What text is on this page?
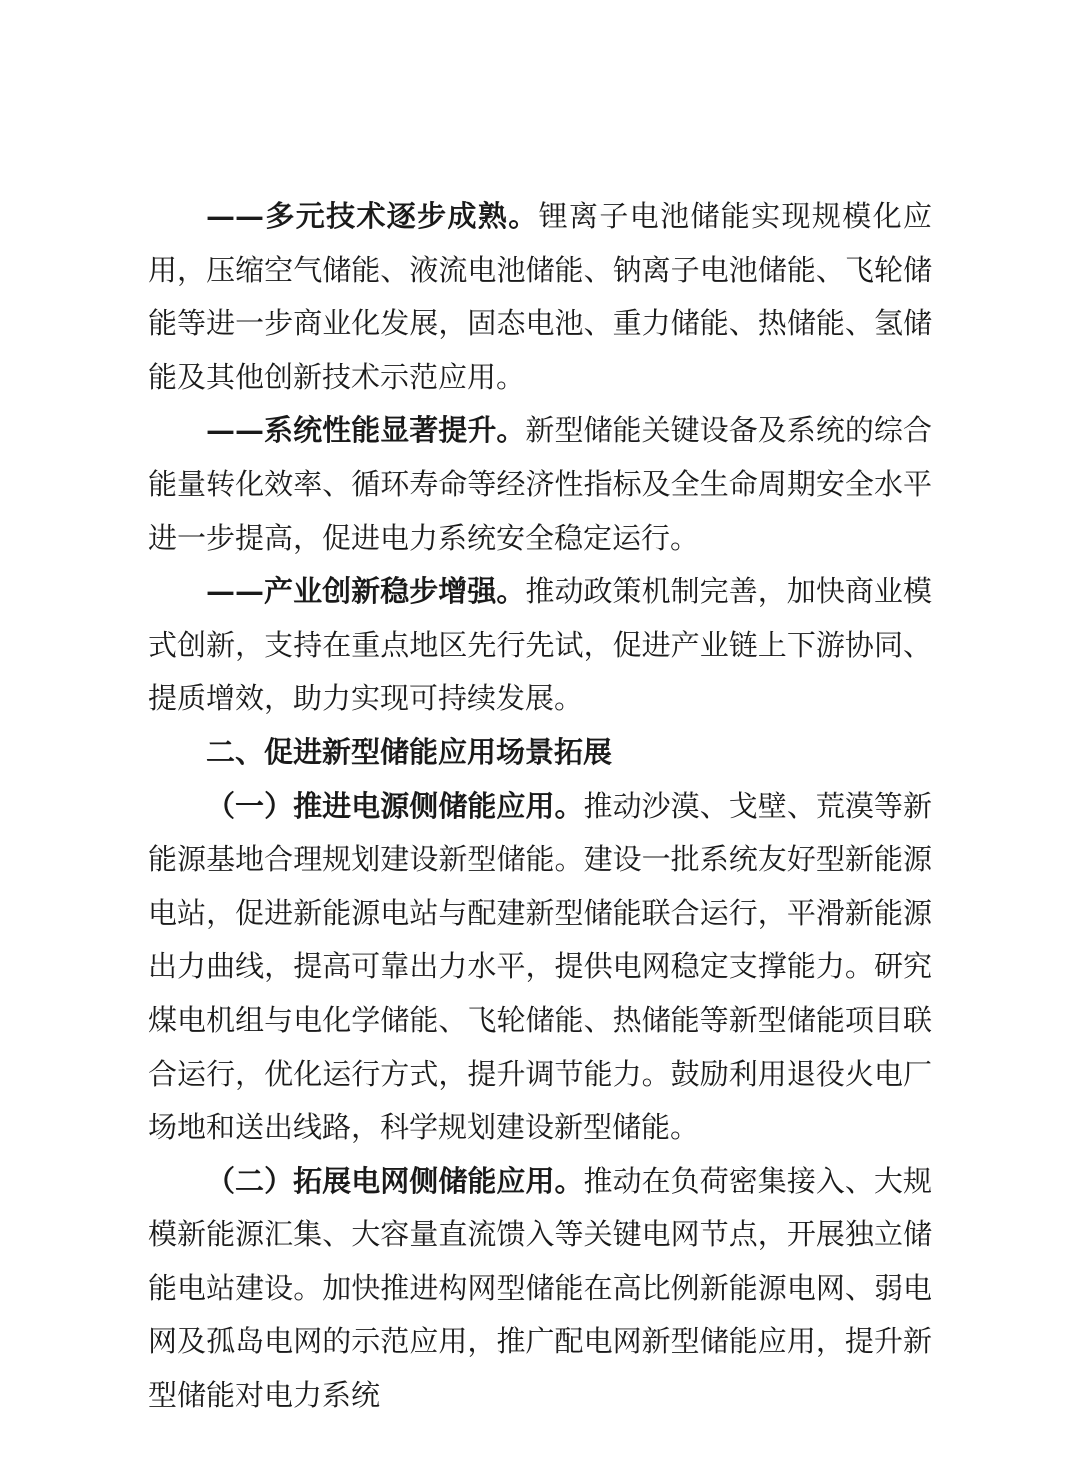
——多元技术逐步成熟。锂离子电池储能实现规模化应用，压缩空气储能、液流电池储能、钠离子电池储能、飞轮储能等进一步商业化发展，固态电池、重力储能、热储能、氢储能及其他创新技术示范应用。

——系统性能显著提升。新型储能关键设备及系统的综合能量转化效率、循环寿命等经济性指标及全生命周期安全水平进一步提高，促进电力系统安全稳定运行。

——产业创新稳步增强。推动政策机制完善，加快商业模式创新，支持在重点地区先行先试，促进产业链上下游协同、提质增效，助力实现可持续发展。

二、促进新型储能应用场景拓展

（一）推进电源侧储能应用。推动沙漠、戈壁、荒漠等新能源基地合理规划建设新型储能。建设一批系统友好型新能源电站，促进新能源电站与配建新型储能联合运行，平滑新能源出力曲线，提高可靠出力水平，提供电网稳定支撑能力。研究煤电机组与电化学储能、飞轮储能、热储能等新型储能项目联合运行，优化运行方式，提升调节能力。鼓励利用退役火电厂场地和送出线路，科学规划建设新型储能。

（二）拓展电网侧储能应用。推动在负荷密集接入、大规模新能源汇集、大容量直流馈入等关键电网节点，开展独立储能电站建设。加快推进构网型储能在高比例新能源电网、弱电网及孤岛电网的示范应用，推广配电网新型储能应用，提升新型储能对电力系统
